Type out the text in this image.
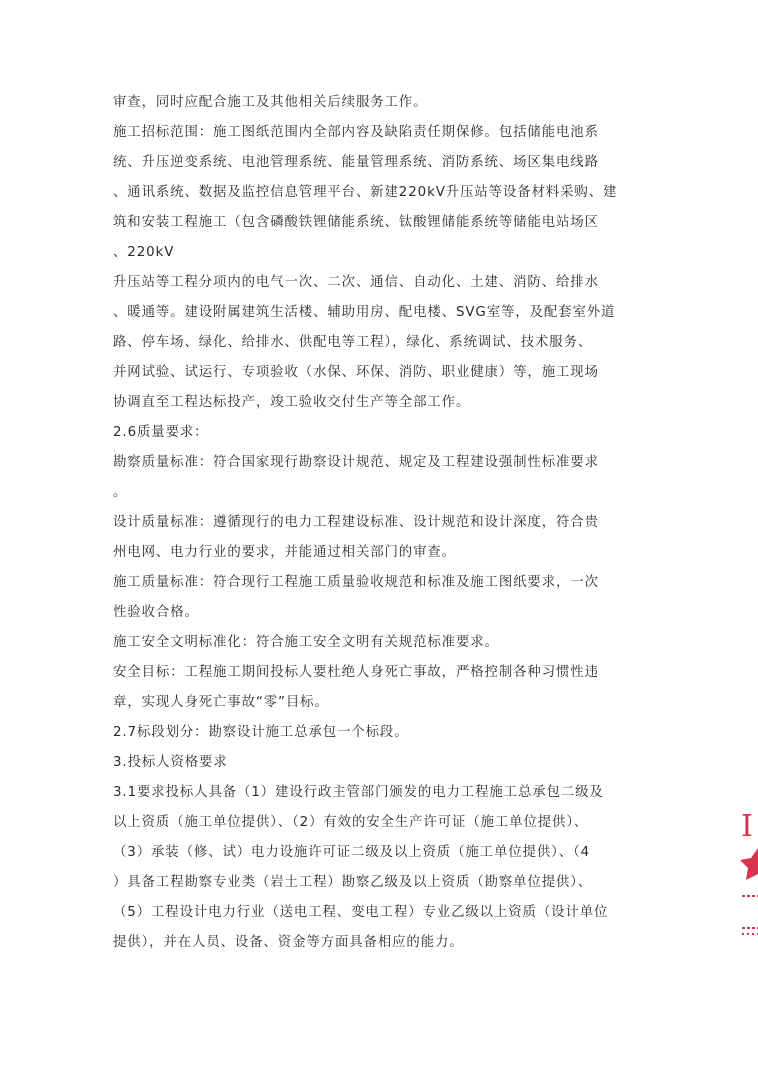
审查，同时应配合施工及其他相关后续服务工作。
施工招标范围：施工图纸范围内全部内容及缺陷责任期保修。包括储能电池系
统、升压逆变系统、电池管理系统、能量管理系统、消防系统、场区集电线路
、通讯系统、数据及监控信息管理平台、新建220kV升压站等设备材料采购、建
筑和安装工程施工（包含磷酸铁锂储能系统、钛酸锂储能系统等储能电站场区
、220kV
升压站等工程分项内的电气一次、二次、通信、自动化、土建、消防、给排水
、暖通等。建设附属建筑生活楼、辅助用房、配电楼、SVG室等，及配套室外道
路、停车场、绿化、给排水、供配电等工程），绿化、系统调试、技术服务、
并网试验、试运行、专项验收（水保、环保、消防、职业健康）等，施工现场
协调直至工程达标投产，竣工验收交付生产等全部工作。
2.6质量要求：
勘察质量标准：符合国家现行勘察设计规范、规定及工程建设强制性标准要求
。
设计质量标准：遵循现行的电力工程建设标准、设计规范和设计深度，符合贵
州电网、电力行业的要求，并能通过相关部门的审查。
施工质量标准：符合现行工程施工质量验收规范和标准及施工图纸要求，一次
性验收合格。
施工安全文明标准化：符合施工安全文明有关规范标准要求。
安全目标：工程施工期间投标人要杜绝人身死亡事故，严格控制各种习惯性违
章，实现人身死亡事故“零”目标。
2.7标段划分：勘察设计施工总承包一个标段。
3.投标人资格要求
3.1要求投标人具备（1）建设行政主管部门颁发的电力工程施工总承包二级及
以上资质（施工单位提供）、（2）有效的安全生产许可证（施工单位提供）、
（3）承装（修、试）电力设施许可证二级及以上资质（施工单位提供）、（4
）具备工程勘察专业类（岩土工程）勘察乙级及以上资质（勘察单位提供）、
（5）工程设计电力行业（送电工程、变电工程）专业乙级以上资质（设计单位
提供），并在人员、设备、资金等方面具备相应的能力。
I
